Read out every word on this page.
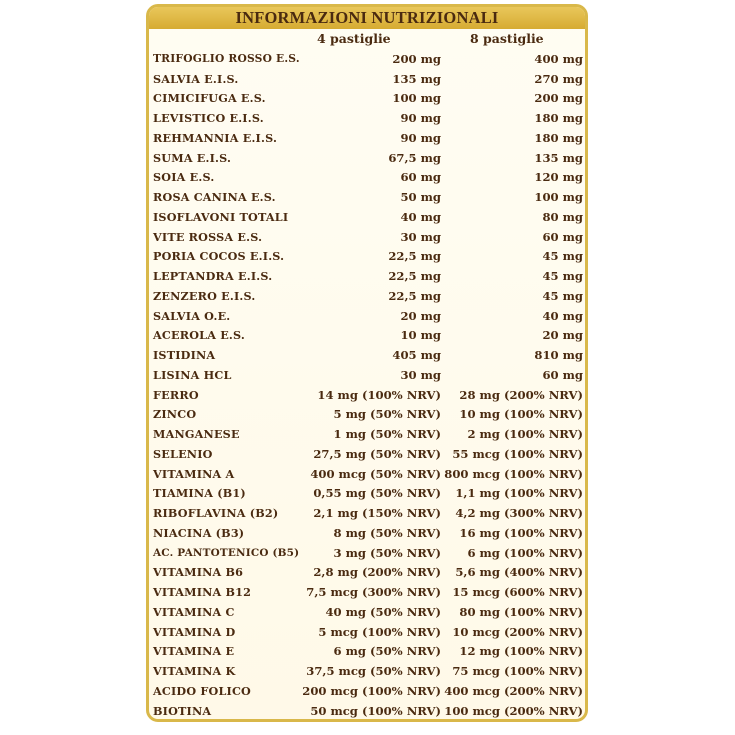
INFORMAZIONI NUTRIZIONALI
4 pastiglie	8 pastiglie
TRIFOGLIO ROSSO E.S.	200 mg	400 mg
SALVIA E.I.S.	135 mg	270 mg
CIMICIFUGA E.S.	100 mg	200 mg
LEVISTICO E.I.S.	90 mg	180 mg
REHMANNIA E.I.S.	90 mg	180 mg
SUMA E.I.S.	67,5 mg	135 mg
SOIA E.S.	60 mg	120 mg
ROSA CANINA E.S.	50 mg	100 mg
ISOFLAVONI TOTALI	40 mg	80 mg
VITE ROSSA E.S.	30 mg	60 mg
PORIA COCOS E.I.S.	22,5 mg	45 mg
LEPTANDRA E.I.S.	22,5 mg	45 mg
ZENZERO E.I.S.	22,5 mg	45 mg
SALVIA O.E.	20 mg	40 mg
ACEROLA E.S.	10 mg	20 mg
ISTIDINA	405 mg	810 mg
LISINA HCL	30 mg	60 mg
FERRO	14 mg (100% NRV)	28 mg (200% NRV)
ZINCO	5 mg (50% NRV)	10 mg (100% NRV)
MANGANESE	1 mg (50% NRV)	2 mg (100% NRV)
SELENIO	27,5 mg (50% NRV) 55 mcg (100% NRV)
VITAMINA A	400 mcg (50% NRV) 800 mcg (100% NRV)
TIAMINA (B1)	0,55 mg (50% NRV)	1,1 mg (100% NRV)
RIBOFLAVINA (B2)	2,1 mg (150% NRV)	4,2 mg (300% NRV)
NIACINA (B3)	8 mg (50% NRV)	16 mg (100% NRV)
AC. PANTOTENICO (B5)	3 mg (50% NRV)	6 mg (100% NRV)
VITAMINA B6	2,8 mg (200% NRV)	5,6 mg (400% NRV)
VITAMINA B12	7,5 mcg (300% NRV) 15 mcg (600% NRV)
VITAMINA C	40 mg (50% NRV)	80 mg (100% NRV)
VITAMINA D	5 mcg (100% NRV) 10 mcg (200% NRV)
VITAMINA E	6 mg (50% NRV)	12 mg (100% NRV)
VITAMINA K	37,5 mcg (50% NRV) 75 mcg (100% NRV)
ACIDO FOLICO	200 mcg (100% NRV) 400 mcg (200% NRV)
BIOTINA	50 mcg (100% NRV) 100 mcg (200% NRV)
